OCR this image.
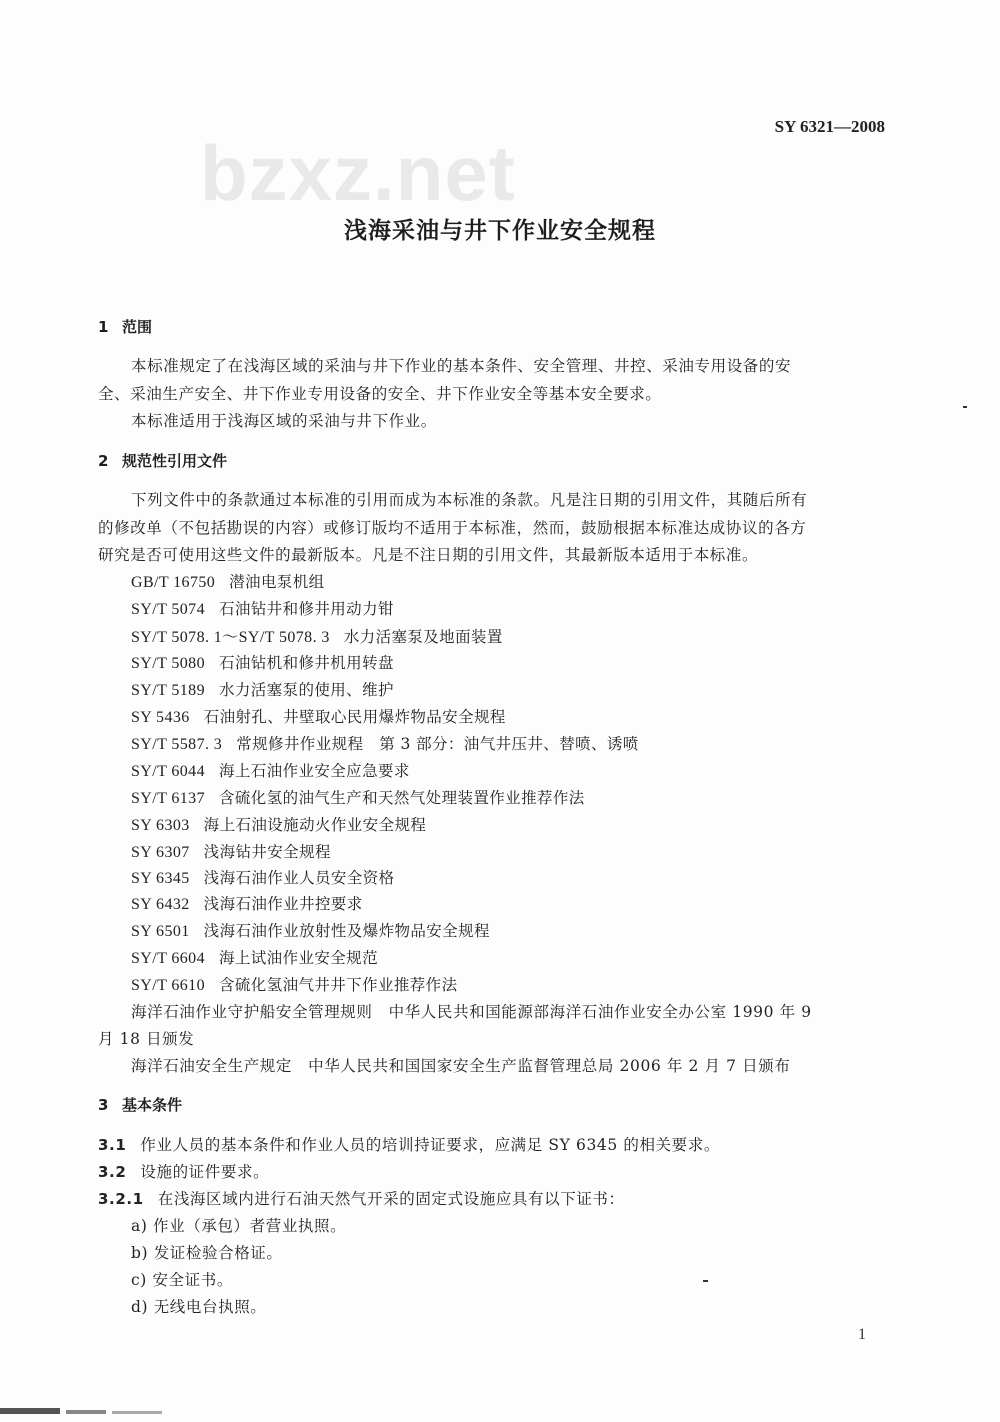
SY 6321—2008
bzxz.net
浅海采油与井下作业安全规程
1 范围
本标准规定了在浅海区域的采油与井下作业的基本条件、安全管理、井控、采油专用设备的安
全、采油生产安全、井下作业专用设备的安全、井下作业安全等基本安全要求。
本标准适用于浅海区域的采油与井下作业。
2 规范性引用文件
下列文件中的条款通过本标准的引用而成为本标准的条款。凡是注日期的引用文件，其随后所有
的修改单（不包括勘误的内容）或修订版均不适用于本标准，然而，鼓励根据本标准达成协议的各方
研究是否可使用这些文件的最新版本。凡是不注日期的引用文件，其最新版本适用于本标准。
GB/T 16750 潜油电泵机组
SY/T 5074 石油钻井和修井用动力钳
SY/T 5078. 1～SY/T 5078. 3 水力活塞泵及地面装置
SY/T 5080 石油钻机和修井机用转盘
SY/T 5189 水力活塞泵的使用、维护
SY 5436 石油射孔、井壁取心民用爆炸物品安全规程
SY/T 5587. 3 常规修井作业规程　第 3 部分：油气井压井、替喷、诱喷
SY/T 6044 海上石油作业安全应急要求
SY/T 6137 含硫化氢的油气生产和天然气处理装置作业推荐作法
SY 6303 海上石油设施动火作业安全规程
SY 6307 浅海钻井安全规程
SY 6345 浅海石油作业人员安全资格
SY 6432 浅海石油作业井控要求
SY 6501 浅海石油作业放射性及爆炸物品安全规程
SY/T 6604 海上试油作业安全规范
SY/T 6610 含硫化氢油气井井下作业推荐作法
海洋石油作业守护船安全管理规则　中华人民共和国能源部海洋石油作业安全办公室 1990 年 9
月 18 日颁发
海洋石油安全生产规定　中华人民共和国国家安全生产监督管理总局 2006 年 2 月 7 日颁布
3 基本条件
3.1 作业人员的基本条件和作业人员的培训持证要求，应满足 SY 6345 的相关要求。
3.2 设施的证件要求。
3.2.1 在浅海区域内进行石油天然气开采的固定式设施应具有以下证书：
a) 作业（承包）者营业执照。
b) 发证检验合格证。
c) 安全证书。
d) 无线电台执照。
1
